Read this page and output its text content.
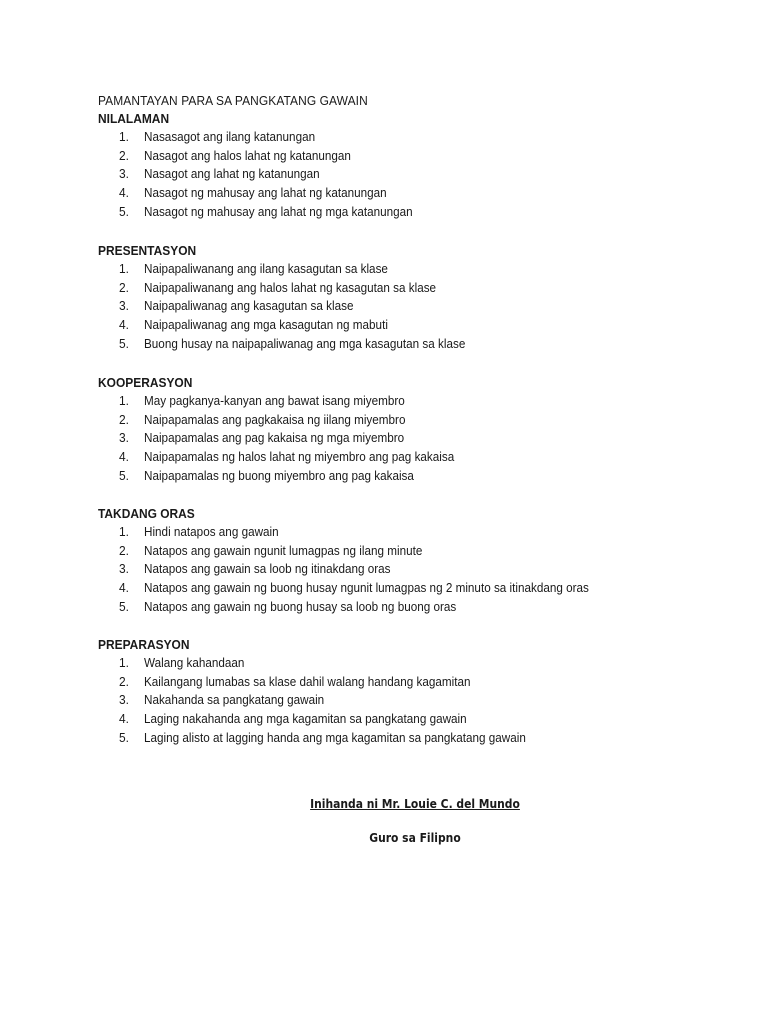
PAMANTAYAN PARA SA PANGKATANG GAWAIN
NILALAMAN
1.	Nasasagot ang ilang katanungan
2.	Nasagot ang halos lahat ng katanungan
3.	Nasagot ang lahat ng katanungan
4.	Nasagot ng mahusay ang lahat ng katanungan
5.	Nasagot ng mahusay ang lahat ng mga katanungan
PRESENTASYON
1.	Naipapaliwanang ang ilang kasagutan sa klase
2.	Naipapaliwanang ang halos lahat ng kasagutan sa klase
3.	Naipapaliwanag ang kasagutan sa klase
4.	Naipapaliwanag ang mga kasagutan ng mabuti
5.	Buong husay na naipapaliwanag ang mga kasagutan sa klase
KOOPERASYON
1.	May pagkanya-kanyan ang bawat isang miyembro
2.	Naipapamalas ang pagkakaisa ng iilang miyembro
3.	Naipapamalas ang pag kakaisa ng mga miyembro
4.	Naipapamalas ng halos lahat ng miyembro ang pag kakaisa
5.	Naipapamalas ng buong miyembro ang pag kakaisa
TAKDANG ORAS
1.	Hindi natapos ang gawain
2.	Natapos ang gawain ngunit lumagpas ng ilang minute
3.	Natapos ang gawain sa loob ng itinakdang oras
4.	Natapos ang gawain ng buong husay ngunit lumagpas ng 2 minuto sa itinakdang oras
5.	Natapos ang gawain ng buong husay sa loob ng buong oras
PREPARASYON
1.	Walang kahandaan
2.	Kailangang lumabas sa klase dahil walang handang kagamitan
3.	Nakahanda sa pangkatang gawain
4.	Laging nakahanda ang mga kagamitan sa pangkatang gawain
5.	Laging alisto at lagging handa ang mga kagamitan sa pangkatang gawain
Inihanda ni Mr. Louie C. del Mundo
Guro sa Filipno
